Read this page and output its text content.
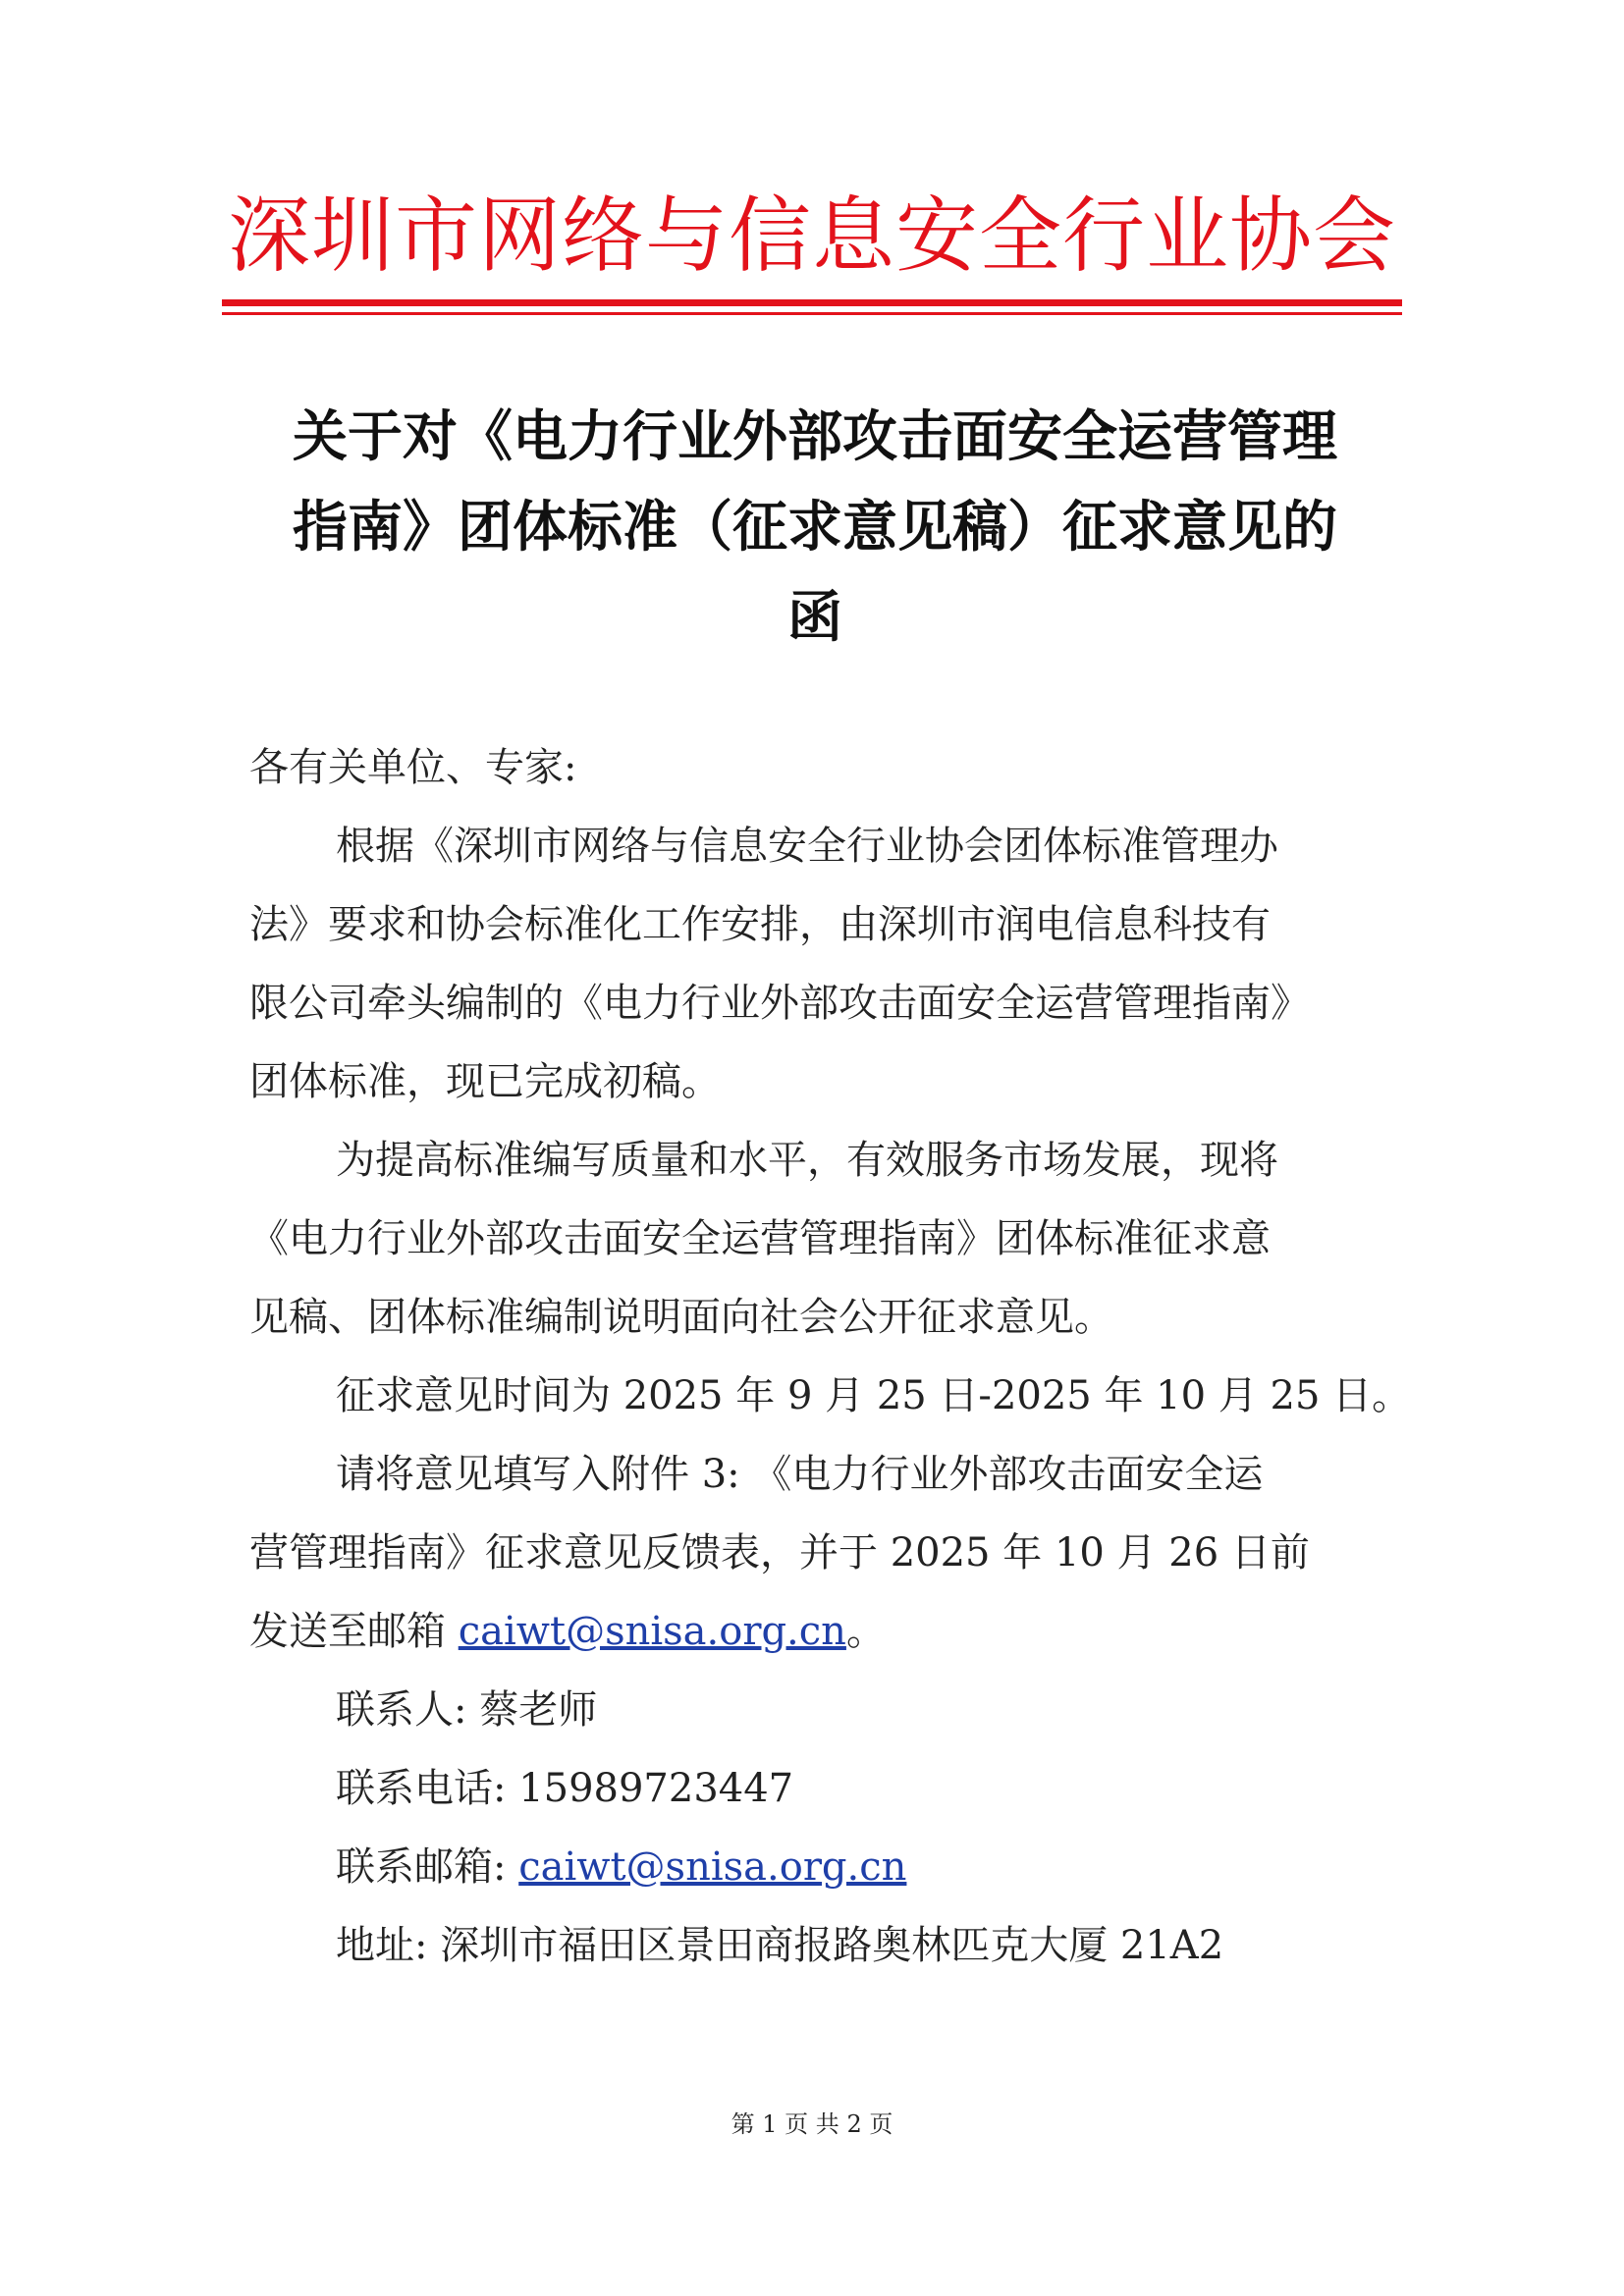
深圳市网络与信息安全行业协会
关于对《电力行业外部攻击面安全运营管理
指南》团体标准（征求意见稿）征求意见的
函
各有关单位、专家:
根据《深圳市网络与信息安全行业协会团体标准管理办
法》要求和协会标准化工作安排，由深圳市润电信息科技有
限公司牵头编制的《电力行业外部攻击面安全运营管理指南》
团体标准，现已完成初稿。
为提高标准编写质量和水平，有效服务市场发展，现将
《电力行业外部攻击面安全运营管理指南》团体标准征求意
见稿、团体标准编制说明面向社会公开征求意见。
征求意见时间为 2025 年 9 月 25 日-2025 年 10 月 25 日。
请将意见填写入附件 3: 《电力行业外部攻击面安全运
营管理指南》征求意见反馈表，并于 2025 年 10 月 26 日前
发送至邮箱 caiwt@snisa.org.cn。
联系人: 蔡老师
联系电话: 15989723447
联系邮箱: caiwt@snisa.org.cn
地址: 深圳市福田区景田商报路奥林匹克大厦 21A2
第 1 页 共 2 页
